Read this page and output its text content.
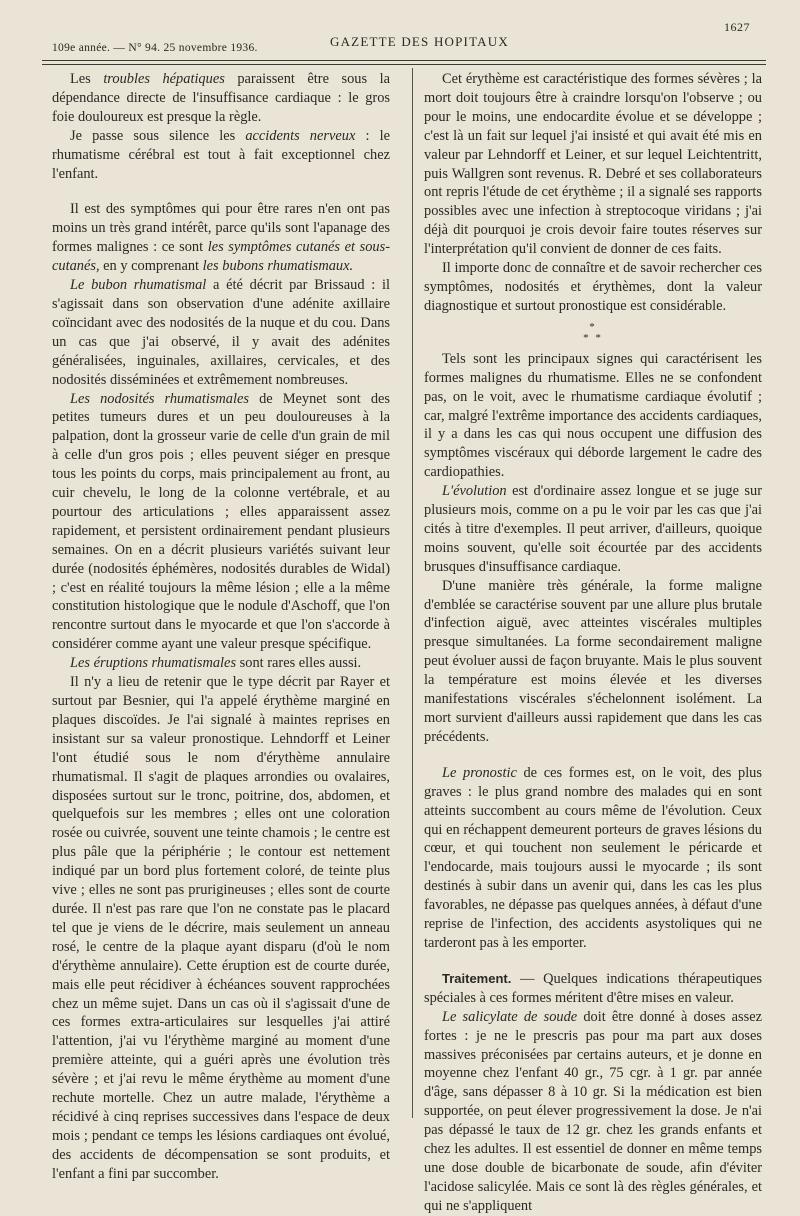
1627
109e année. — N° 94. 25 novembre 1936.	GAZETTE DES HOPITAUX

Les troubles hépatiques paraissent être sous la dépendance directe de l'insuffisance cardiaque : le gros foie douloureux est presque la règle.

Je passe sous silence les accidents nerveux : le rhumatisme cérébral est tout à fait exceptionnel chez l'enfant.

Il est des symptômes qui pour être rares n'en ont pas moins un très grand intérêt, parce qu'ils sont l'apanage des formes malignes : ce sont les symptômes cutanés et sous-cutanés, en y comprenant les bubons rhumatismaux.

Le bubon rhumatismal a été décrit par Brissaud : il s'agissait dans son observation d'une adénite axillaire coïncidant avec des nodosités de la nuque et du cou. Dans un cas que j'ai observé, il y avait des adénites généralisées, inguinales, axillaires, cervicales, et des nodosités disséminées et extrêmement nombreuses.

Les nodosités rhumatismales de Meynet sont des petites tumeurs dures et un peu douloureuses à la palpation, dont la grosseur varie de celle d'un grain de mil à celle d'un gros pois ; elles peuvent siéger en presque tous les points du corps, mais principalement au front, au cuir chevelu, le long de la colonne vertébrale, et au pourtour des articulations ; elles apparaissent assez rapidement, et persistent ordinairement pendant plusieurs semaines. On en a décrit plusieurs variétés suivant leur durée (nodosités éphémères, nodosités durables de Widal) ; c'est en réalité toujours la même lésion ; elle a la même constitution histologique que le nodule d'Aschoff, que l'on rencontre surtout dans le myocarde et que l'on s'accorde à considérer comme ayant une valeur presque spécifique.

Les éruptions rhumatismales sont rares elles aussi.

Il n'y a lieu de retenir que le type décrit par Rayer et surtout par Besnier, qui l'a appelé érythème marginé en plaques discoïdes. Je l'ai signalé à maintes reprises en insistant sur sa valeur pronostique. Lehndorff et Leiner l'ont étudié sous le nom d'érythème annulaire rhumatismal. Il s'agit de plaques arrondies ou ovalaires, disposées surtout sur le tronc, poitrine, dos, abdomen, et quelquefois sur les membres ; elles ont une coloration rosée ou cuivrée, souvent une teinte chamois ; le centre est plus pâle que la périphérie ; le contour est nettement indiqué par un bord plus fortement coloré, de teinte plus vive ; elles ne sont pas prurigineuses ; elles sont de courte durée. Il n'est pas rare que l'on ne constate pas le placard tel que je viens de le décrire, mais seulement un anneau rosé, le centre de la plaque ayant disparu (d'où le nom d'érythème annulaire). Cette éruption est de courte durée, mais elle peut récidiver à échéances souvent rapprochées chez un même sujet. Dans un cas où il s'agissait d'une de ces formes extra-articulaires sur lesquelles j'ai attiré l'attention, j'ai vu l'érythème marginé au moment d'une première atteinte, qui a guéri après une évolution très sévère ; et j'ai revu le même érythème au moment d'une rechute mortelle. Chez un autre malade, l'érythème a récidivé à cinq reprises successives dans l'espace de deux mois ; pendant ce temps les lésions cardiaques ont évolué, des accidents de décompensation se sont produits, et l'enfant a fini par succomber.

Cet érythème est caractéristique des formes sévères ; la mort doit toujours être à craindre lorsqu'on l'observe ; ou pour le moins, une endocardite évolue et se développe ; c'est là un fait sur lequel j'ai insisté et qui avait été mis en valeur par Lehndorff et Leiner, et sur lequel Leichtentritt, puis Wallgren sont revenus. R. Debré et ses collaborateurs ont repris l'étude de cet érythème ; il a signalé ses rapports possibles avec une infection à streptocoque viridans ; j'ai déjà dit pourquoi je crois devoir faire toutes réserves sur l'interprétation qu'il convient de donner de ces faits.

Il importe donc de connaître et de savoir rechercher ces symptômes, nodosités et érythèmes, dont la valeur diagnostique et surtout pronostique est considérable.

*
* *

Tels sont les principaux signes qui caractérisent les formes malignes du rhumatisme. Elles ne se confondent pas, on le voit, avec le rhumatisme cardiaque évolutif ; car, malgré l'extrême importance des accidents cardiaques, il y a dans les cas qui nous occupent une diffusion des symptômes viscéraux qui déborde largement le cadre des cardiopathies.

L'évolution est d'ordinaire assez longue et se juge sur plusieurs mois, comme on a pu le voir par les cas que j'ai cités à titre d'exemples. Il peut arriver, d'ailleurs, quoique moins souvent, qu'elle soit écourtée par des accidents brusques d'insuffisance cardiaque.

D'une manière très générale, la forme maligne d'emblée se caractérise souvent par une allure plus brutale d'infection aiguë, avec atteintes viscérales multiples presque simultanées. La forme secondairement maligne peut évoluer aussi de façon bruyante. Mais le plus souvent la température est moins élevée et les diverses manifestations viscérales s'échelonnent isolément. La mort survient d'ailleurs aussi rapidement que dans les cas précédents.

Le pronostic de ces formes est, on le voit, des plus graves : le plus grand nombre des malades qui en sont atteints succombent au cours même de l'évolution. Ceux qui en réchappent demeurent porteurs de graves lésions du cœur, et qui touchent non seulement le péricarde et l'endocarde, mais toujours aussi le myocarde ; ils sont destinés à subir dans un avenir qui, dans les cas les plus favorables, ne dépasse pas quelques années, à défaut d'une reprise de l'infection, des accidents asystoliques qui ne tarderont pas à les emporter.

Traitement. — Quelques indications thérapeutiques spéciales à ces formes méritent d'être mises en valeur.

Le salicylate de soude doit être donné à doses assez fortes : je ne le prescris pas pour ma part aux doses massives préconisées par certains auteurs, et je donne en moyenne chez l'enfant 40 gr., 75 cgr. à 1 gr. par année d'âge, sans dépasser 8 à 10 gr. Si la médication est bien supportée, on peut élever progressivement la dose. Je n'ai pas dépassé le taux de 12 gr. chez les grands enfants et chez les adultes. Il est essentiel de donner en même temps une dose double de bicarbonate de soude, afin d'éviter l'acidose salicylée. Mais ce sont là des règles générales, et qui ne s'appliquent
